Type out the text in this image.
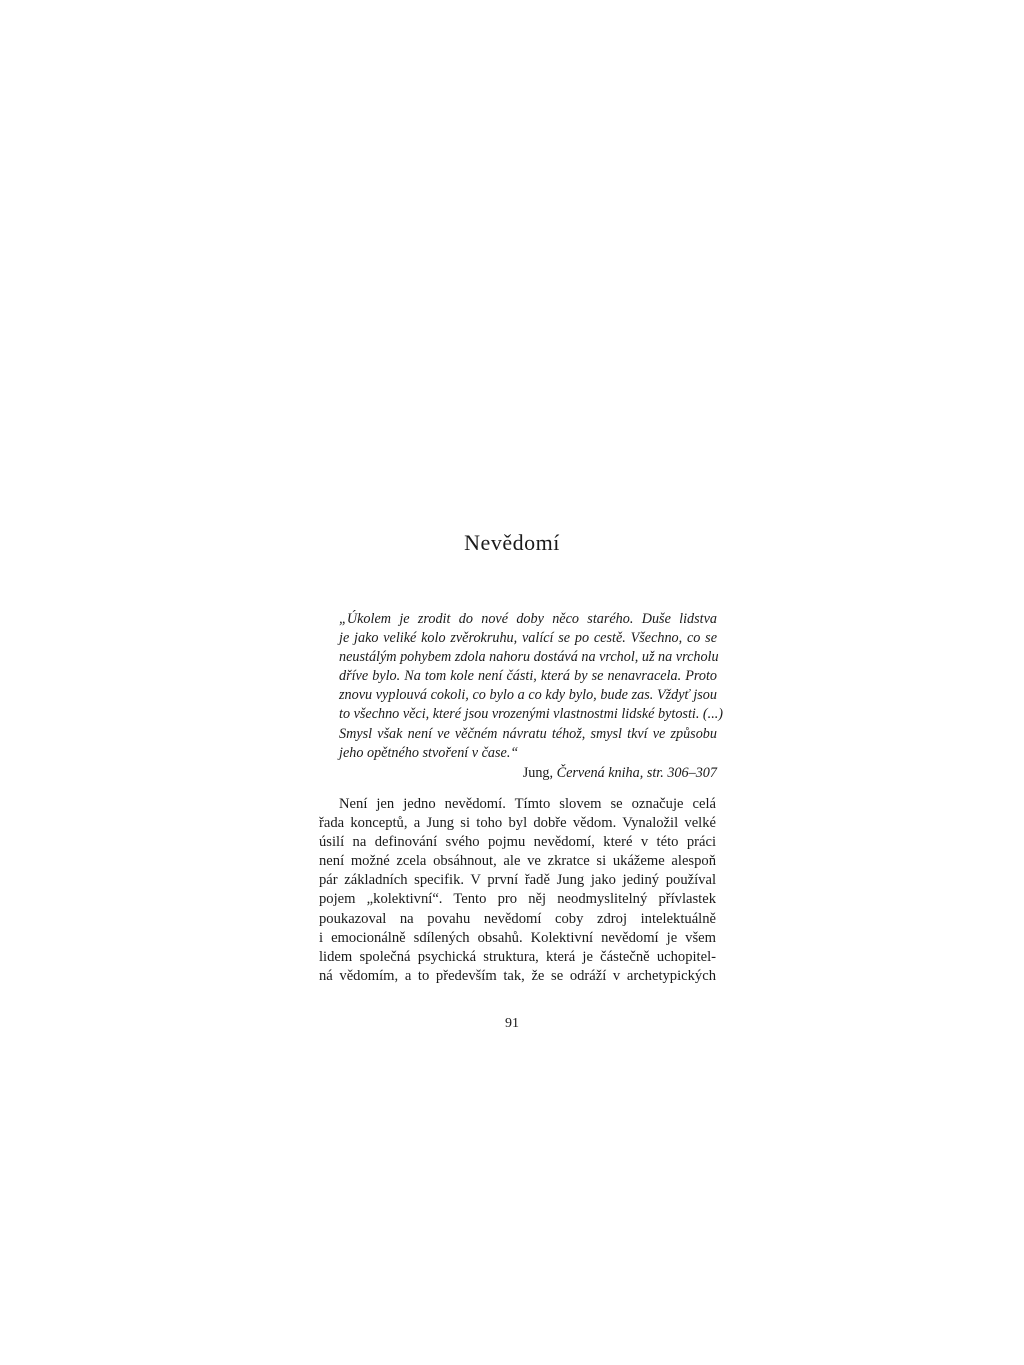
Nevědomí
„Úkolem je zrodit do nové doby něco starého. Duše lidstva
je jako veliké kolo zvěrokruhu, valící se po cestě. Všechno, co se
neustálým pohybem zdola nahoru dostává na vrchol, už na vrcholu
dříve bylo. Na tom kole není části, která by se nenavracela. Proto
znovu vyplouvá cokoli, co bylo a co kdy bylo, bude zas. Vždyť jsou
to všechno věci, které jsou vrozenými vlastnostmi lidské bytosti. (...)
Smysl však není ve věčném návratu téhož, smysl tkví ve způsobu
jeho opětného stvoření v čase.“
Jung, Červená kniha, str. 306–307
Není jen jedno nevědomí. Tímto slovem se označuje celá
řada konceptů, a Jung si toho byl dobře vědom. Vynaložil velké
úsilí na definování svého pojmu nevědomí, které v této práci
není možné zcela obsáhnout, ale ve zkratce si ukážeme alespoň
pár základních specifik. V první řadě Jung jako jediný používal
pojem „kolektivní“. Tento pro něj neodmyslitelný přívlastek
poukazoval na povahu nevědomí coby zdroj intelektuálně
i emocionálně sdílených obsahů. Kolektivní nevědomí je všem
lidem společná psychická struktura, která je částečně uchopitel-
ná vědomím, a to především tak, že se odráží v archetypických
91
